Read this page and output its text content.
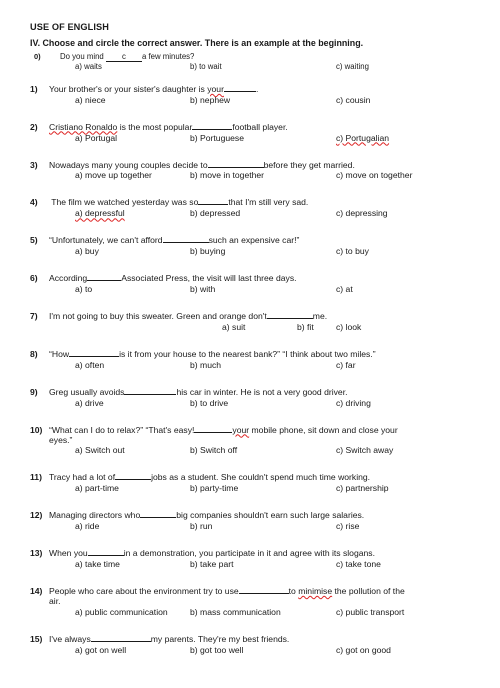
USE OF ENGLISH
IV. Choose and circle the correct answer. There is an example at the beginning.
0) Do you mind c a few minutes?
a) waits	b) to wait	c) waiting
1) Your brother's or your sister's daughter is your	.
a) niece	b) nephew	c) cousin
2) Cristiano Ronaldo is the most popular	football player.
a) Portugal	b) Portuguese	c) Portugalian
3) Nowadays many young couples decide to	before they get married.
a) move up together	b) move in together	c) move on together
4) The film we watched yesterday was so	that I'm still very sad.
a) depressful	b) depressed	c) depressing
5) “Unfortunately, we can't afford	such an expensive car!”
a) buy	b) buying	c) to buy
6) According	Associated Press, the visit will last three days.
a) to	b) with	c) at
7) I'm not going to buy this sweater. Green and orange don't	me.
a) suit	b) fit	c) look
8) “How	is it from your house to the nearest bank?” “I think about two miles.”
a) often	b) much	c) far
9) Greg usually avoids	his car in winter. He is not a very good driver.
a) drive	b) to drive	c) driving
10) “What can I do to relax?” “That's easy!	your mobile phone, sit down and close your
eyes.”
a) Switch out	b) Switch off	c) Switch away
11) Tracy had a lot of	jobs as a student. She couldn't spend much time working.
a) part-time	b) party-time	c) partnership
12) Managing directors who	big companies shouldn't earn such large salaries.
a) ride	b) run	c) rise
13) When you	in a demonstration, you participate in it and agree with its slogans.
a) take time	b) take part	c) take tone
14) People who care about the environment try to use	to minimise the pollution of the
air.
a) public communication	b) mass communication	c) public transport
15) I've always	my parents. They're my best friends.
a) got on well	b) got too well	c) got on good
